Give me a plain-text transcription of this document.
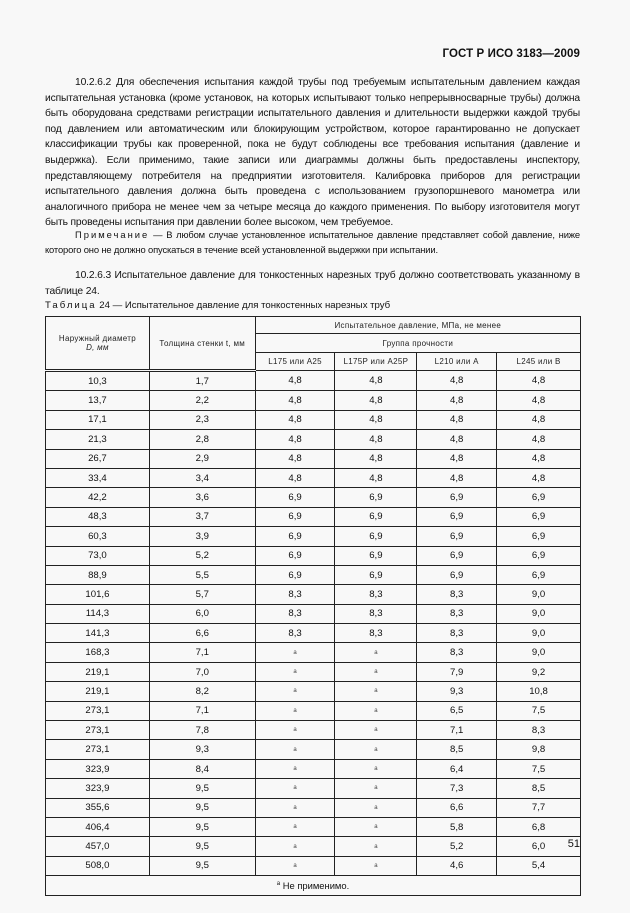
ГОСТ Р ИСО 3183—2009
10.2.6.2 Для обеспечения испытания каждой трубы под требуемым испытательным давлением каждая испытательная установка (кроме установок, на которых испытывают только непрерывносварные трубы) должна быть оборудована средствами регистрации испытательного давления и длительности выдержки каждой трубы под давлением или автоматическим или блокирующим устройством, которое гарантированно не допускает классификации трубы как проверенной, пока не будут соблюдены все требования испытания (давление и выдержка). Если применимо, такие записи или диаграммы должны быть предоставлены инспектору, представляющему потребителя на предприятии изготовителя. Калибровка приборов для регистрации испытательного давления должна быть проведена с использованием грузопоршневого манометра или аналогичного прибора не менее чем за четыре месяца до каждого применения. По выбору изготовителя могут быть проведены испытания при давлении более высоком, чем требуемое.
Примечание — В любом случае установленное испытательное давление представляет собой давление, ниже которого оно не должно опускаться в течение всей установленной выдержки при испытании.
10.2.6.3 Испытательное давление для тонкостенных нарезных труб должно соответствовать указанному в таблице 24.
Таблица 24 — Испытательное давление для тонкостенных нарезных труб
Наружный диаметр
D, мм	Толщина стенки t, мм	Испытательное давление, МПа, не менее			
		Группа прочности			
		L175 или A25	L175P или A25P	L210 или A	L245 или B
10,3	1,7	4,8	4,8	4,8	4,8
13,7	2,2	4,8	4,8	4,8	4,8
17,1	2,3	4,8	4,8	4,8	4,8
21,3	2,8	4,8	4,8	4,8	4,8
26,7	2,9	4,8	4,8	4,8	4,8
33,4	3,4	4,8	4,8	4,8	4,8
42,2	3,6	6,9	6,9	6,9	6,9
48,3	3,7	6,9	6,9	6,9	6,9
60,3	3,9	6,9	6,9	6,9	6,9
73,0	5,2	6,9	6,9	6,9	6,9
88,9	5,5	6,9	6,9	6,9	6,9
101,6	5,7	8,3	8,3	8,3	9,0
114,3	6,0	8,3	8,3	8,3	9,0
141,3	6,6	8,3	8,3	8,3	9,0
168,3	7,1	a	a	8,3	9,0
219,1	7,0	a	a	7,9	9,2
219,1	8,2	a	a	9,3	10,8
273,1	7,1	a	a	6,5	7,5
273,1	7,8	a	a	7,1	8,3
273,1	9,3	a	a	8,5	9,8
323,9	8,4	a	a	6,4	7,5
323,9	9,5	a	a	7,3	8,5
355,6	9,5	a	a	6,6	7,7
406,4	9,5	a	a	5,8	6,8
457,0	9,5	a	a	5,2	6,0
508,0	9,5	a	a	4,6	5,4
$^a$ Не применимо.					
51
